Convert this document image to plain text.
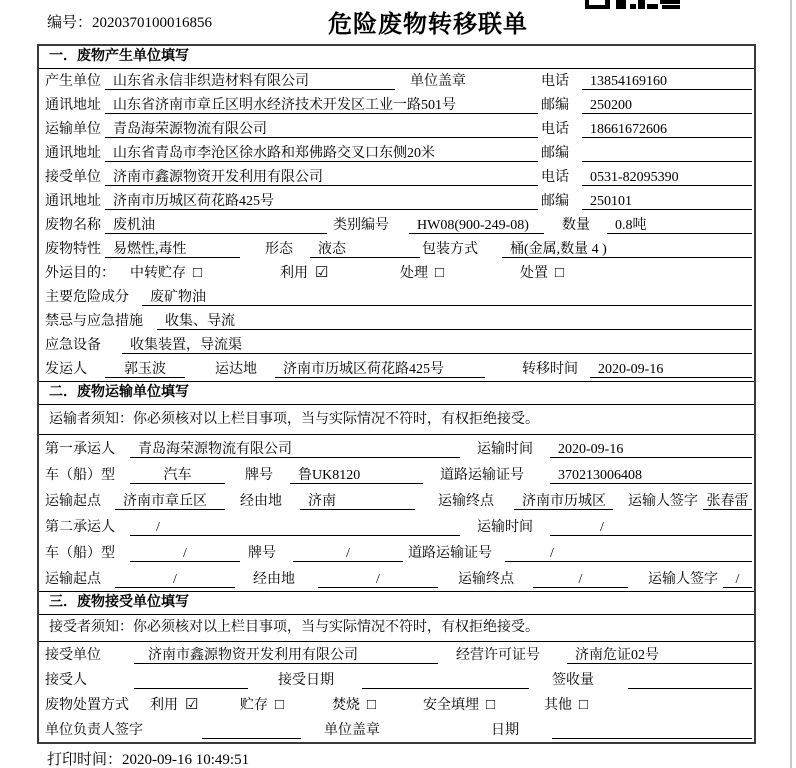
编号：2020370100016856	危险废物转移联单
一．废物产生单位填写
产生单位 山东省永信非织造材料有限公司	单位盖章	电话	13854169160
通讯地址 山东省济南市章丘区明水经济技术开发区工业一路501号	邮编	250200
运输单位 青岛海荣源物流有限公司	电话	18661672606
通讯地址 山东省青岛市李沧区徐水路和郑佛路交叉口东侧20米	邮编
接受单位 济南市鑫源物资开发利用有限公司	电话	0531-82095390
通讯地址 济南市历城区荷花路425号	邮编	250101
废物名称 废机油	类别编号	HW08(900-249-08)	数量	0.8吨
废物特性 易燃性,毒性	形态	液态	包装方式	桶(金属,数量 4 )
外运目的： 中转贮存 □	利用 ☑	处理 □	处置 □
主要危险成分	废矿物油
禁忌与应急措施	收集、导流
应急设备	收集装置，导流渠
发运人	郭玉波	运达地	济南市历城区荷花路425号	转移时间	2020-09-16
二．废物运输单位填写
运输者须知：你必须核对以上栏目事项，当与实际情况不符时，有权拒绝接受。
第一承运人	青岛海荣源物流有限公司	运输时间	2020-09-16
车（船）型	汽车	牌号	鲁UK8120	道路运输证号	370213006408
运输起点	济南市章丘区	经由地	济南	运输终点	济南市历城区	运输人签字 张春雷
第二承运人	/	运输时间	/
车（船）型	/	牌号	/	道路运输证号	/
运输起点	/	经由地	/	运输终点	/	运输人签字	/
三．废物接受单位填写
接受者须知：你必须核对以上栏目事项，当与实际情况不符时，有权拒绝接受。
接受单位	济南市鑫源物资开发利用有限公司	经营许可证号	济南危证02号
接受人	接受日期	签收量
废物处置方式 利用 ☑	贮存 □	焚烧 □	安全填埋 □	其他 □
单位负责人签字	单位盖章	日期
打印时间：2020-09-16 10:49:51
